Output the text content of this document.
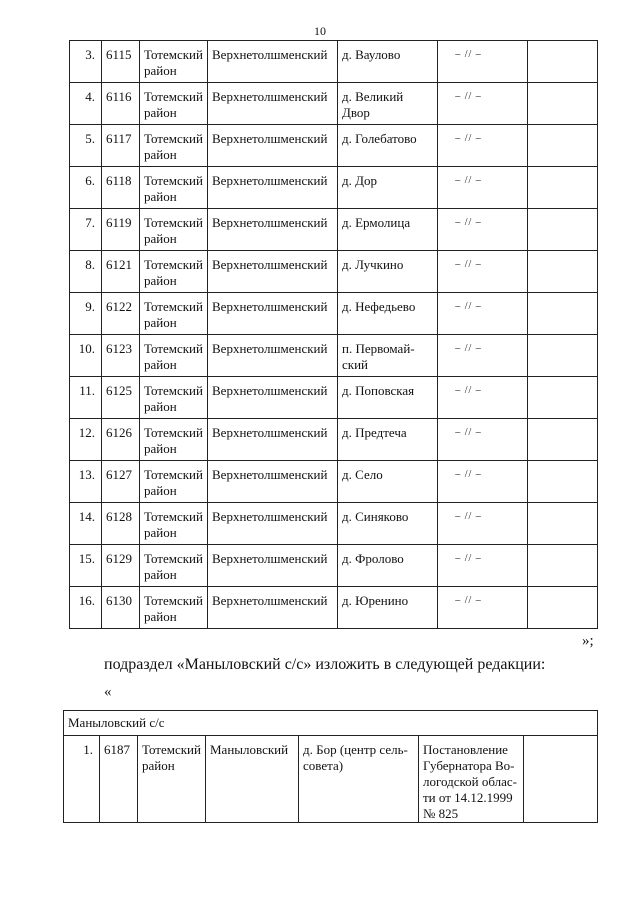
10
3.	6115	Тотемский район	Верхнетолшменский	д. Ваулово	– // –	
4.	6116	Тотемский район	Верхнетолшменский	д. Великий Двор	– // –	
5.	6117	Тотемский район	Верхнетолшменский	д. Голебатово	– // –	
6.	6118	Тотемский район	Верхнетолшменский	д. Дор	– // –	
7.	6119	Тотемский район	Верхнетолшменский	д. Ермолица	– // –	
8.	6121	Тотемский район	Верхнетолшменский	д. Лучкино	– // –	
9.	6122	Тотемский район	Верхнетолшменский	д. Нефедьево	– // –	
10.	6123	Тотемский район	Верхнетолшменский	п. Первомай-ский	– // –	
11.	6125	Тотемский район	Верхнетолшменский	д. Поповская	– // –	
12.	6126	Тотемский район	Верхнетолшменский	д. Предтеча	– // –	
13.	6127	Тотемский район	Верхнетолшменский	д. Село	– // –	
14.	6128	Тотемский район	Верхнетолшменский	д. Синяково	– // –	
15.	6129	Тотемский район	Верхнетолшменский	д. Фролово	– // –	
16.	6130	Тотемский район	Верхнетолшменский	д. Юренино	– // –	
»;
подраздел «Маныловский с/с» изложить в следующей редакции:
«
Маныловский с/с
1.	6187	Тотемский район	Маныловский	д. Бор (центр сель-совета)	Постановление Губернатора Во-логодской облас-ти от 14.12.1999 № 825	
